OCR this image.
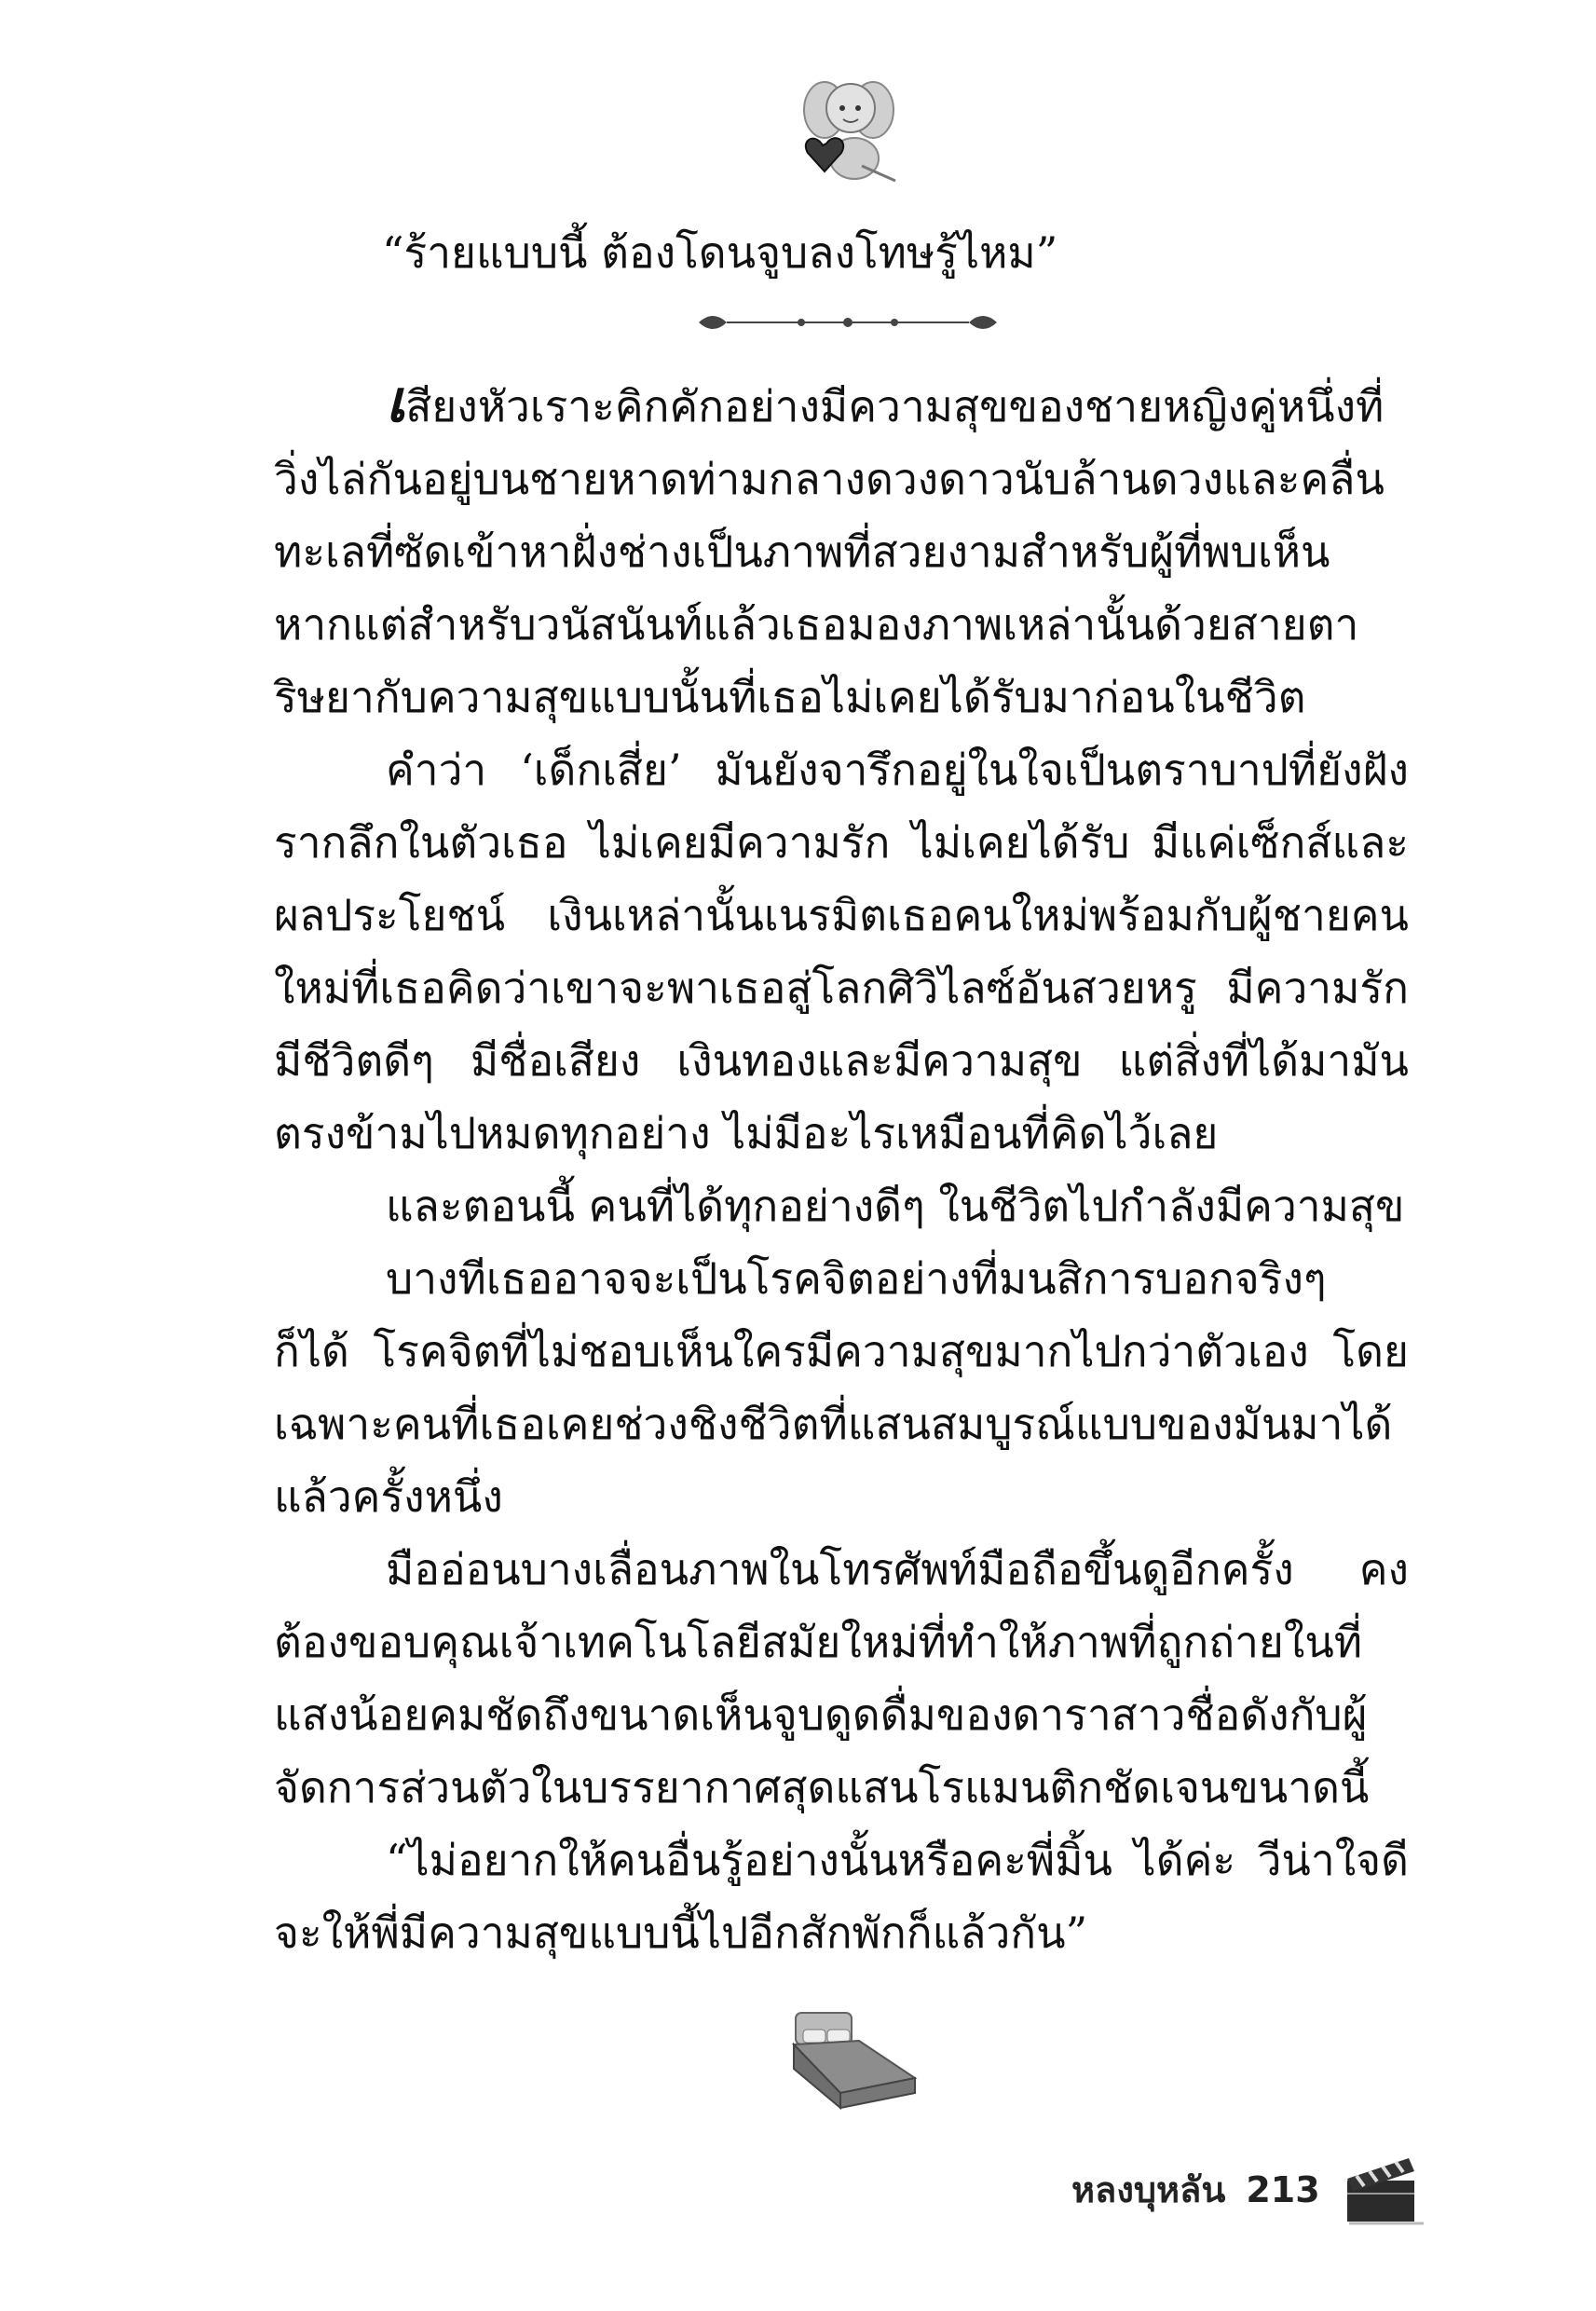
“ร้ายแบบนี้ ต้องโดนจูบลงโทษรู้ไหม”

เสียงหัวเราะคิกคักอย่างมีความสุขของชายหญิงคู่หนึ่งที่วิ่งไล่กันอยู่บนชายหาดท่ามกลางดวงดาวนับล้านดวงและคลื่นทะเลที่ซัดเข้าหาฝั่งช่างเป็นภาพที่สวยงามสำหรับผู้ที่พบเห็น หากแต่สำหรับวนัสนันท์แล้วเธอมองภาพเหล่านั้นด้วยสายตาริษยากับความสุขแบบนั้นที่เธอไม่เคยได้รับมาก่อนในชีวิต

คำว่า ‘เด็กเสี่ย’ มันยังจารึกอยู่ในใจเป็นตราบาปที่ยังฝังรากลึกในตัวเธอ ไม่เคยมีความรัก ไม่เคยได้รับ มีแค่เซ็กส์และผลประโยชน์ เงินเหล่านั้นเนรมิตเธอคนใหม่พร้อมกับผู้ชายคนใหม่ที่เธอคิดว่าเขาจะพาเธอสู่โลกศิวิไลซ์อันสวยหรู มีความรัก มีชีวิตดีๆ มีชื่อเสียง เงินทองและมีความสุข แต่สิ่งที่ได้มามันตรงข้ามไปหมดทุกอย่าง ไม่มีอะไรเหมือนที่คิดไว้เลย

และตอนนี้ คนที่ได้ทุกอย่างดีๆ ในชีวิตไปกำลังมีความสุข

บางทีเธออาจจะเป็นโรคจิตอย่างที่มนสิการบอกจริงๆ ก็ได้ โรคจิตที่ไม่ชอบเห็นใครมีความสุขมากไปกว่าตัวเอง โดยเฉพาะคนที่เธอเคยช่วงชิงชีวิตที่แสนสมบูรณ์แบบของมันมาได้แล้วครั้งหนึ่ง

มืออ่อนบางเลื่อนภาพในโทรศัพท์มือถือขึ้นดูอีกครั้ง คงต้องขอบคุณเจ้าเทคโนโลยีสมัยใหม่ที่ทำให้ภาพที่ถูกถ่ายในที่แสงน้อยคมชัดถึงขนาดเห็นจูบดูดดื่มของดาราสาวชื่อดังกับผู้จัดการส่วนตัวในบรรยากาศสุดแสนโรแมนติกชัดเจนขนาดนี้

“ไม่อยากให้คนอื่นรู้อย่างนั้นหรือคะพี่มิ้น ได้ค่ะ วีน่าใจดี จะให้พี่มีความสุขแบบนี้ไปอีกสักพักก็แล้วกัน”

หลงบุหลัน 213
